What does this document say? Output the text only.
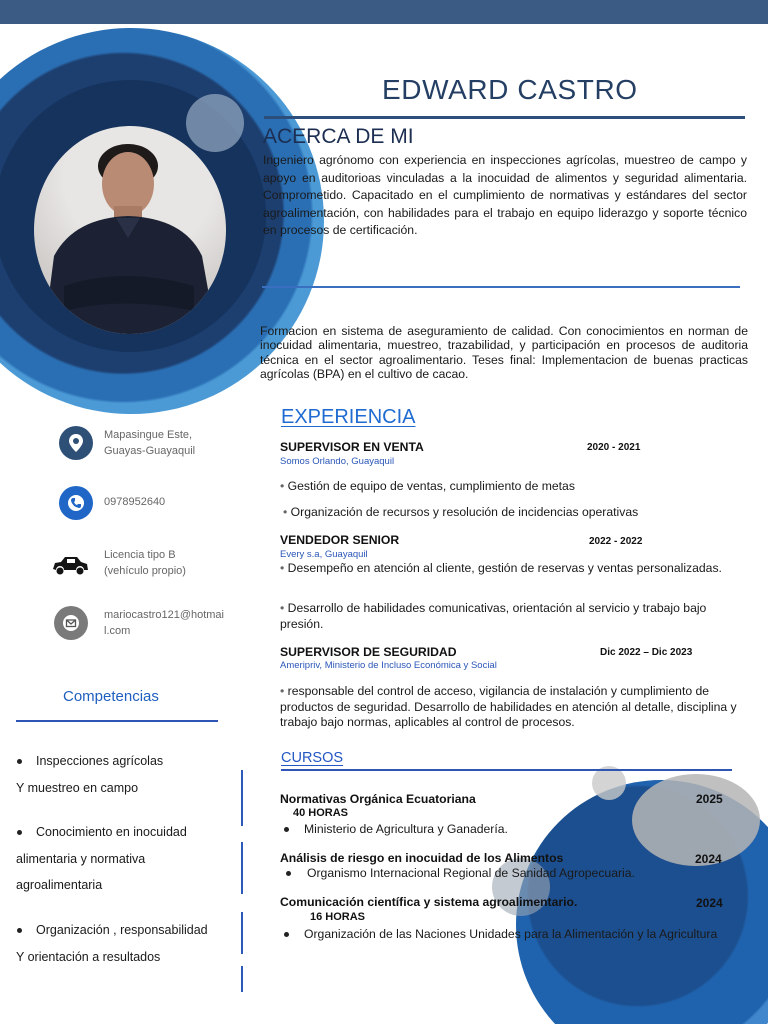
EDWARD CASTRO
ACERCA DE MI
Ingeniero agrónomo con experiencia en inspecciones agrícolas, muestreo de campo y apoyo en auditorioas vinculadas a la inocuidad de alimentos y seguridad alimentaria. Comprometido. Capacitado en el cumplimiento de normativas y estándares del sector agroalimentación, con habilidades para el trabajo en equipo liderazgo y soporte técnico en procesos de certificación.
Formacion en sistema de aseguramiento de calidad. Con conocimientos en norman de inocuidad alimentaria, muestreo, trazabilidad, y participación en procesos de auditoria técnica en el sector agroalimentario. Teses final: Implementacion de buenas practicas agrícolas (BPA) en el cultivo de cacao.
Mapasingue Este,
Guayas-Guayaquil
0978952640
Licencia tipo B
(vehículo propio)
mariocastro121@hotmai
l.com
Competencias
Inspecciones agrícolas
Y muestreo en campo
Conocimiento en inocuidad
alimentaria y normativa
agroalimentaria
Organización , responsabilidad
Y orientación a resultados
EXPERIENCIA
SUPERVISOR EN VENTA	2020 - 2021
Somos Orlando, Guayaquil
• Gestión de equipo de ventas, cumplimiento de metas
• Organización de recursos y resolución de incidencias operativas
VENDEDOR SENIOR	2022 - 2022
Every s.a, Guayaquil
• Desempeño en atención al cliente, gestión de reservas y ventas personalizadas.
• Desarrollo de habilidades comunicativas, orientación al servicio y trabajo bajo presión.
SUPERVISOR DE SEGURIDAD	Dic 2022 – Dic 2023
Ameripriv, Ministerio de Incluso Económica y Social
• responsable del control de acceso, vigilancia de instalación y cumplimiento de productos de seguridad. Desarrollo de habilidades en atención al detalle, disciplina y trabajo bajo normas, aplicables al control de procesos.
CURSOS
Normativas Orgánica Ecuatoriana	2025
40 HORAS
Ministerio de Agricultura y Ganadería.
Análisis de riesgo en inocuidad de los Alimentos	2024
Organismo Internacional Regional de Sanidad Agropecuaria.
Comunicación científica y sistema agroalimentario.	2024
16 HORAS
Organización de las Naciones Unidades para la Alimentación y la Agricultura
